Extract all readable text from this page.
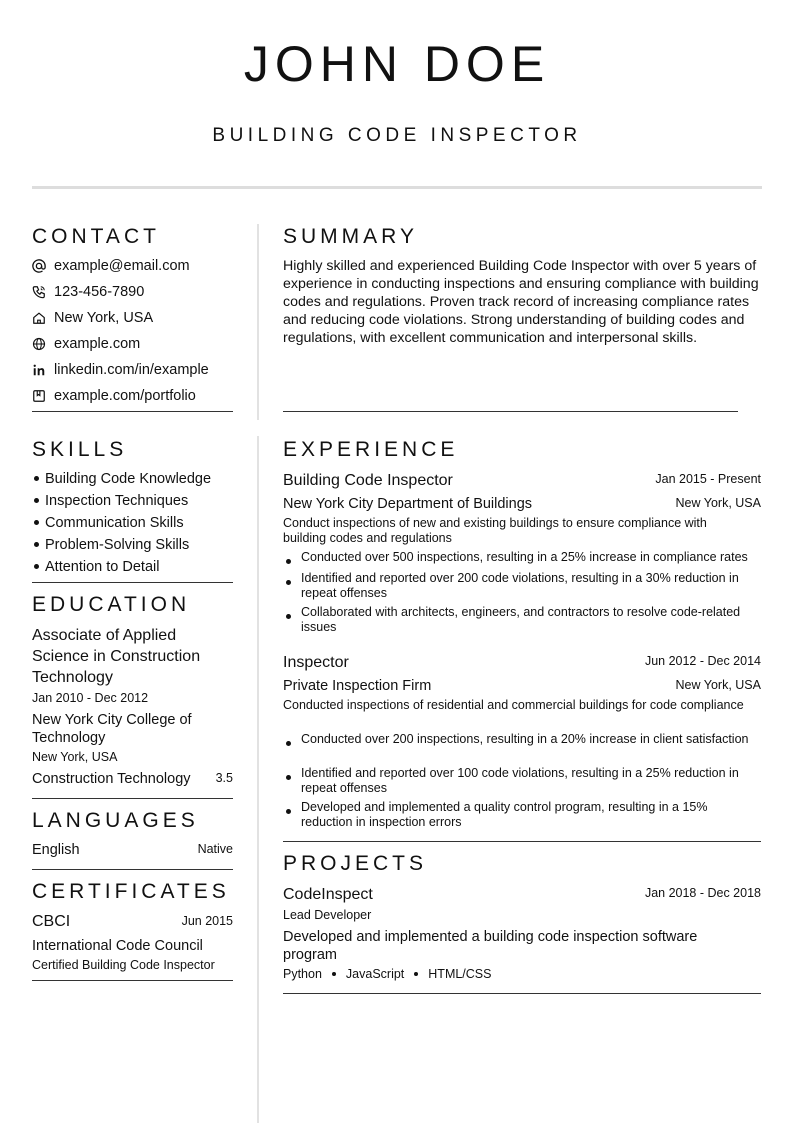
JOHN DOE
BUILDING CODE INSPECTOR
CONTACT
example@email.com
123-456-7890
New York, USA
example.com
linkedin.com/in/example
example.com/portfolio
SUMMARY
Highly skilled and experienced Building Code Inspector with over 5 years of experience in conducting inspections and ensuring compliance with building codes and regulations. Proven track record of increasing compliance rates and reducing code violations. Strong understanding of building codes and regulations, with excellent communication and interpersonal skills.
SKILLS
Building Code Knowledge
Inspection Techniques
Communication Skills
Problem-Solving Skills
Attention to Detail
EDUCATION
Associate of Applied Science in Construction Technology
Jan 2010 - Dec 2012
New York City College of Technology
New York, USA
Construction Technology	3.5
LANGUAGES
English	Native
CERTIFICATES
CBCI	Jun 2015
International Code Council
Certified Building Code Inspector
EXPERIENCE
Building Code Inspector	Jan 2015 - Present
New York City Department of Buildings	New York, USA
Conduct inspections of new and existing buildings to ensure compliance with building codes and regulations
Conducted over 500 inspections, resulting in a 25% increase in compliance rates
Identified and reported over 200 code violations, resulting in a 30% reduction in repeat offenses
Collaborated with architects, engineers, and contractors to resolve code-related issues
Inspector	Jun 2012 - Dec 2014
Private Inspection Firm	New York, USA
Conducted inspections of residential and commercial buildings for code compliance
Conducted over 200 inspections, resulting in a 20% increase in client satisfaction
Identified and reported over 100 code violations, resulting in a 25% reduction in repeat offenses
Developed and implemented a quality control program, resulting in a 15% reduction in inspection errors
PROJECTS
CodeInspect	Jan 2018 - Dec 2018
Lead Developer
Developed and implemented a building code inspection software program
Python JavaScript HTML/CSS
